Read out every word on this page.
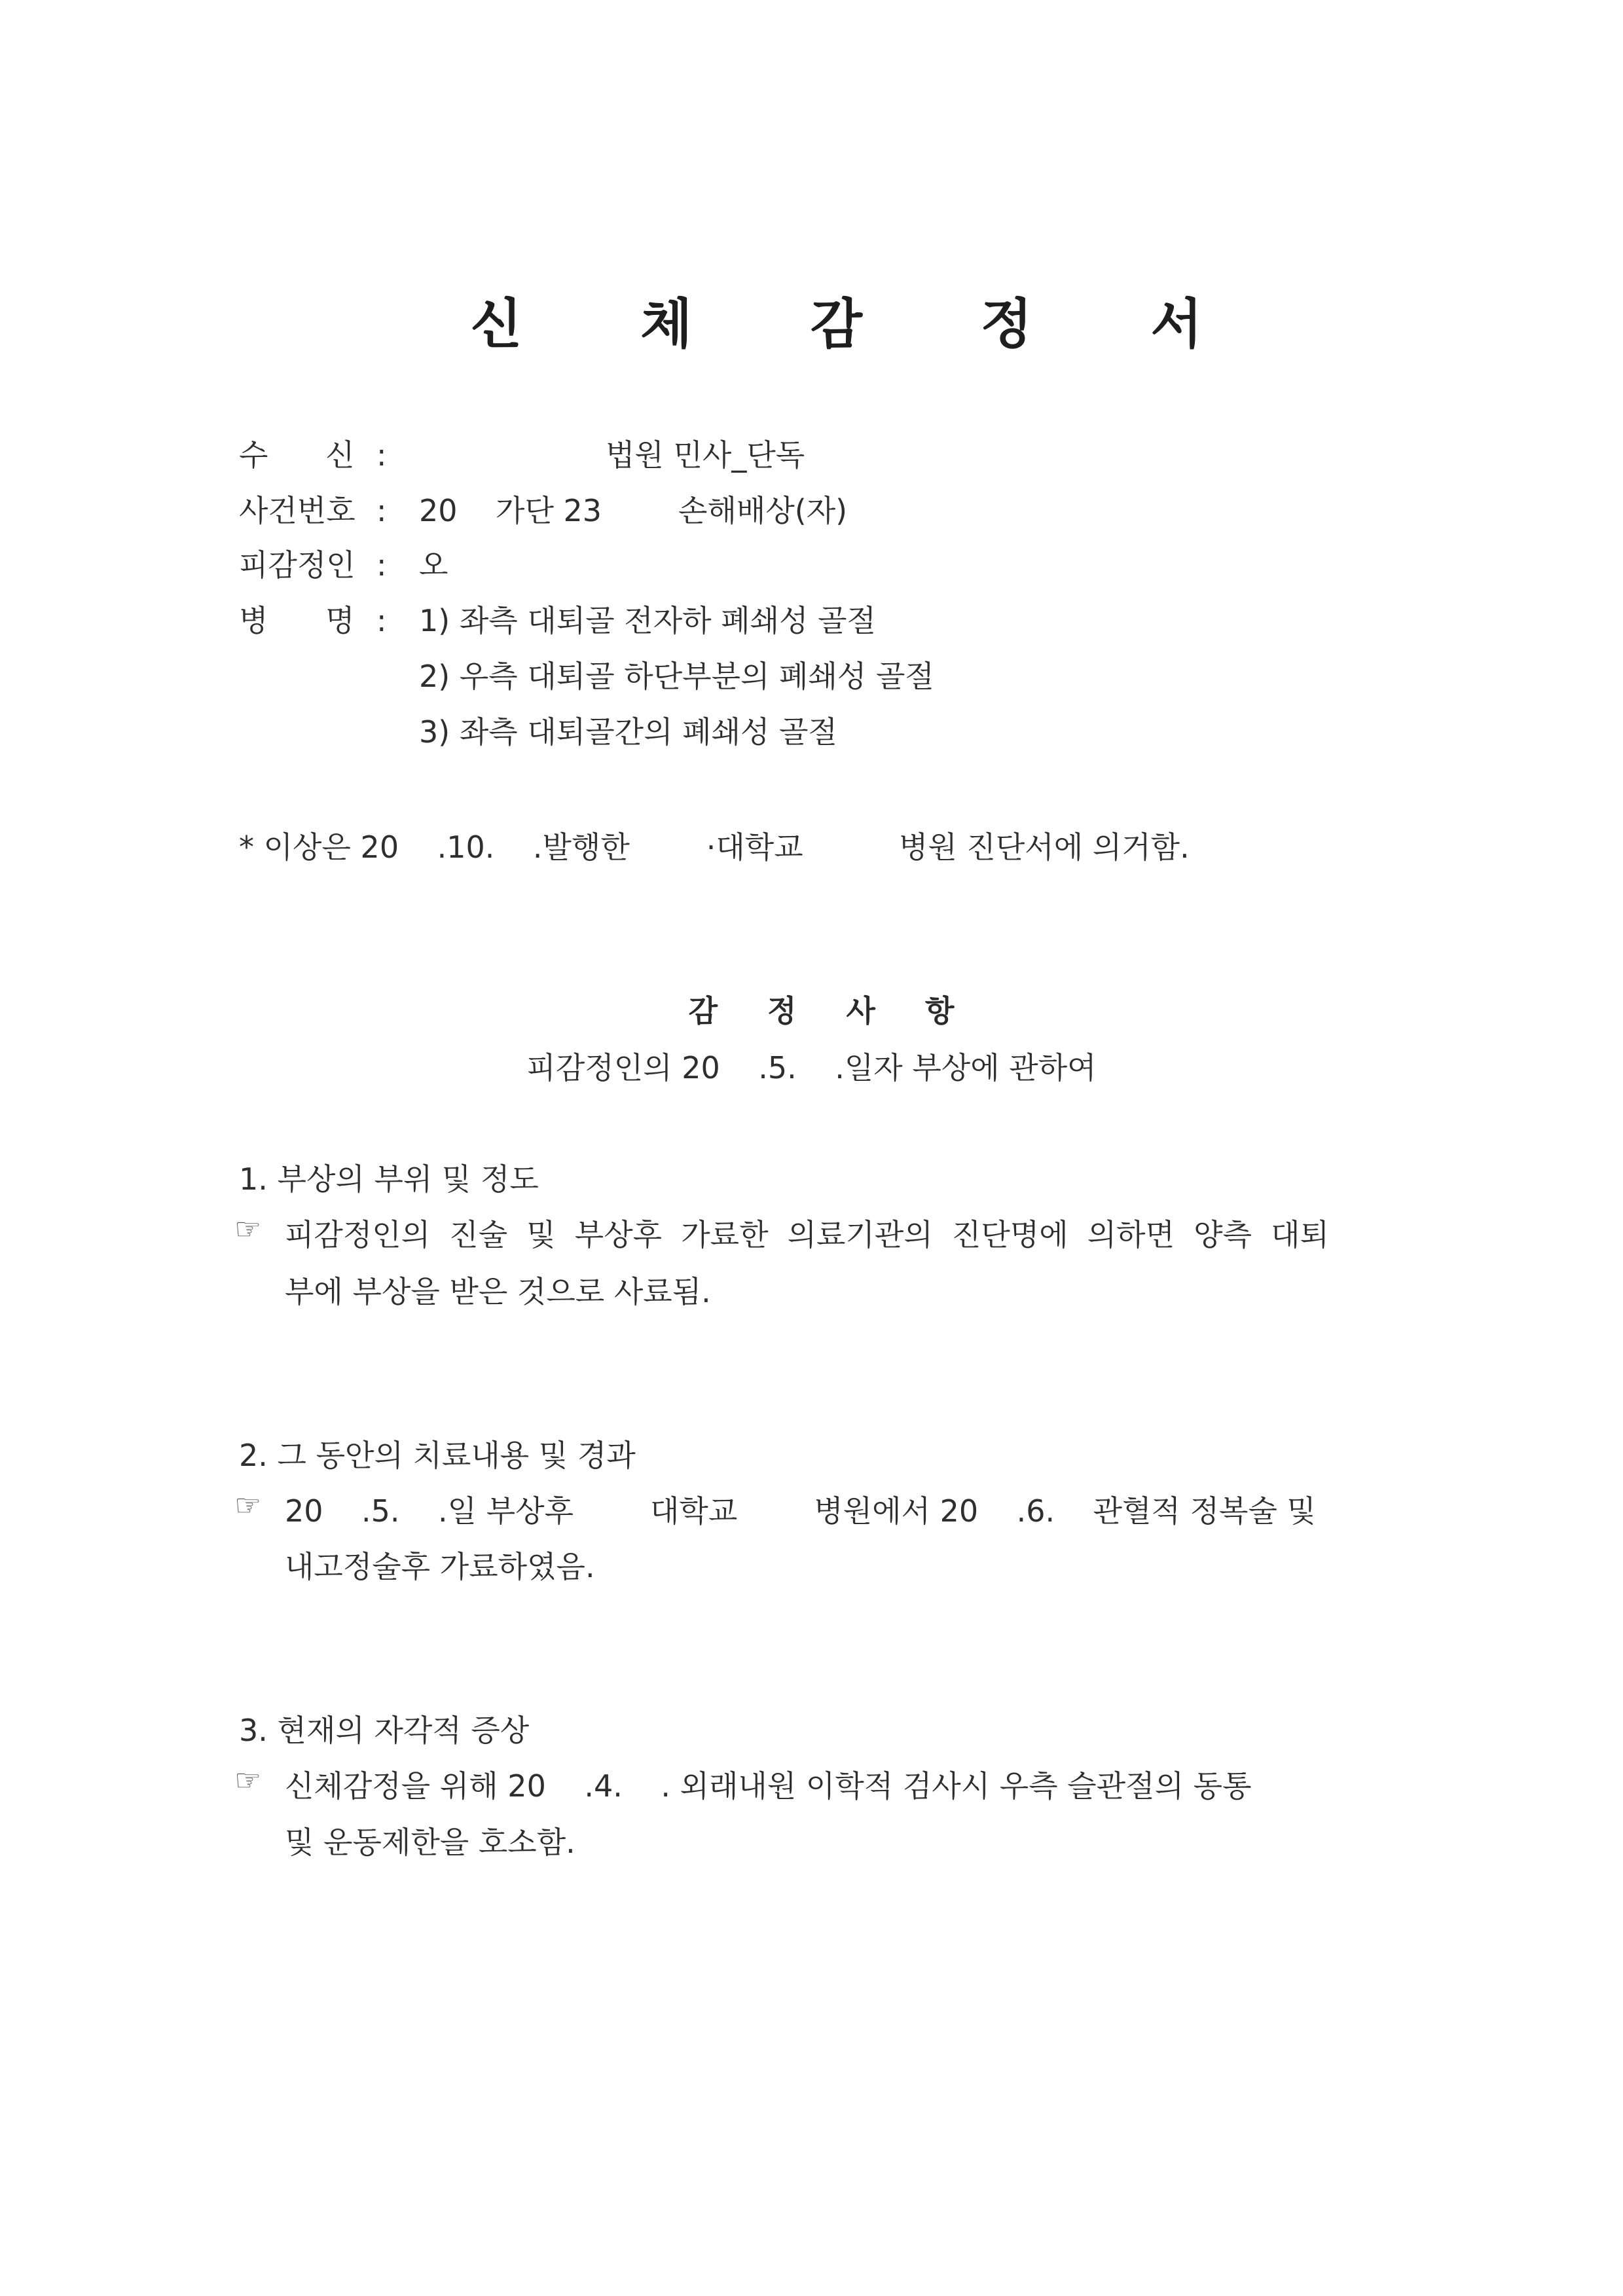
신 체 감 정 서
수      신 :	법원 민사_단독
사건번호 : 20    가단 23        손해배상(자)
피감정인 : 오
병      명 : 1) 좌측 대퇴골 전자하 폐쇄성 골절
2) 우측 대퇴골 하단부분의 폐쇄성 골절
3) 좌측 대퇴골간의 폐쇄성 골절
* 이상은 20    .10.    .발행한        ·대학교          병원 진단서에 의거함.
감 정 사 항
피감정인의 20    .5.    .일자 부상에 관하여
1. 부상의 부위 및 정도
☞ 피감정인의 진술 및 부상후 가료한 의료기관의 진단명에 의하면 양측 대퇴
부에 부상을 받은 것으로 사료됨.
2. 그 동안의 치료내용 및 경과
☞ 20    .5.    .일 부상후        대학교        병원에서 20    .6.    관혈적 정복술 및
내고정술후 가료하였음.
3. 현재의 자각적 증상
☞ 신체감정을 위해 20    .4.    . 외래내원 이학적 검사시 우측 슬관절의 동통
및 운동제한을 호소함.
